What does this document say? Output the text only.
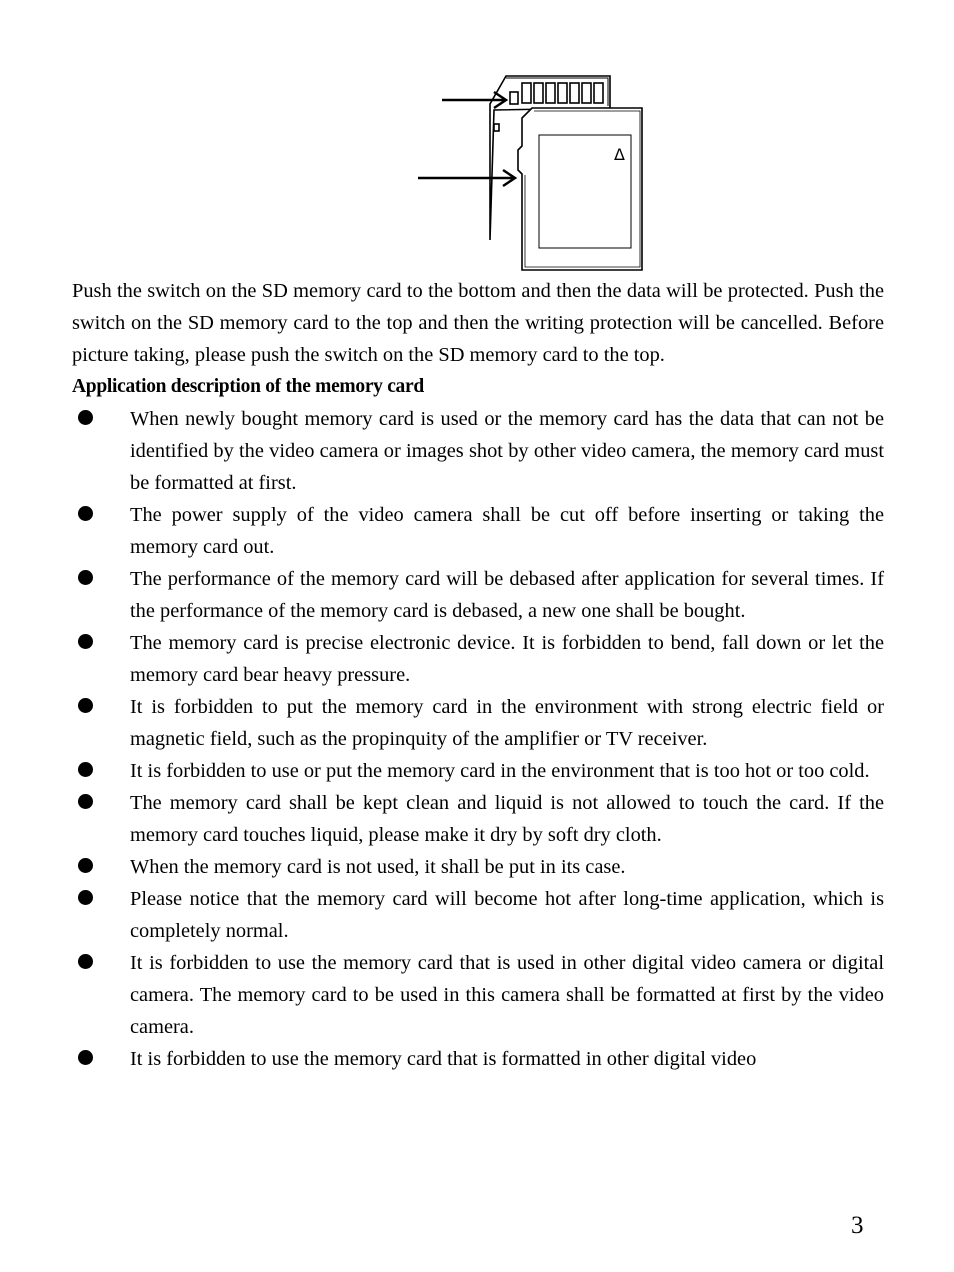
Δ

Push the switch on the SD memory card to the bottom and then the data will be protected. Push the switch on the SD memory card to the top and then the writing protection will be cancelled. Before picture taking, please push the switch on the SD memory card to the top.

Application description of the memory card

When newly bought memory card is used or the memory card has the data that can not be identified by the video camera or images shot by other video camera, the memory card must be formatted at first.
The power supply of the video camera shall be cut off before inserting or taking the memory card out.
The performance of the memory card will be debased after application for several times. If the performance of the memory card is debased, a new one shall be bought.
The memory card is precise electronic device. It is forbidden to bend, fall down or let the memory card bear heavy pressure.
It is forbidden to put the memory card in the environment with strong electric field or magnetic field, such as the propinquity of the amplifier or TV receiver.
It is forbidden to use or put the memory card in the environment that is too hot or too cold.
The memory card shall be kept clean and liquid is not allowed to touch the card. If the memory card touches liquid, please make it dry by soft dry cloth.
When the memory card is not used, it shall be put in its case.
Please notice that the memory card will become hot after long-time application, which is completely normal.
It is forbidden to use the memory card that is used in other digital video camera or digital camera. The memory card to be used in this camera shall be formatted at first by the video camera.
It is forbidden to use the memory card that is formatted in other digital video
3
